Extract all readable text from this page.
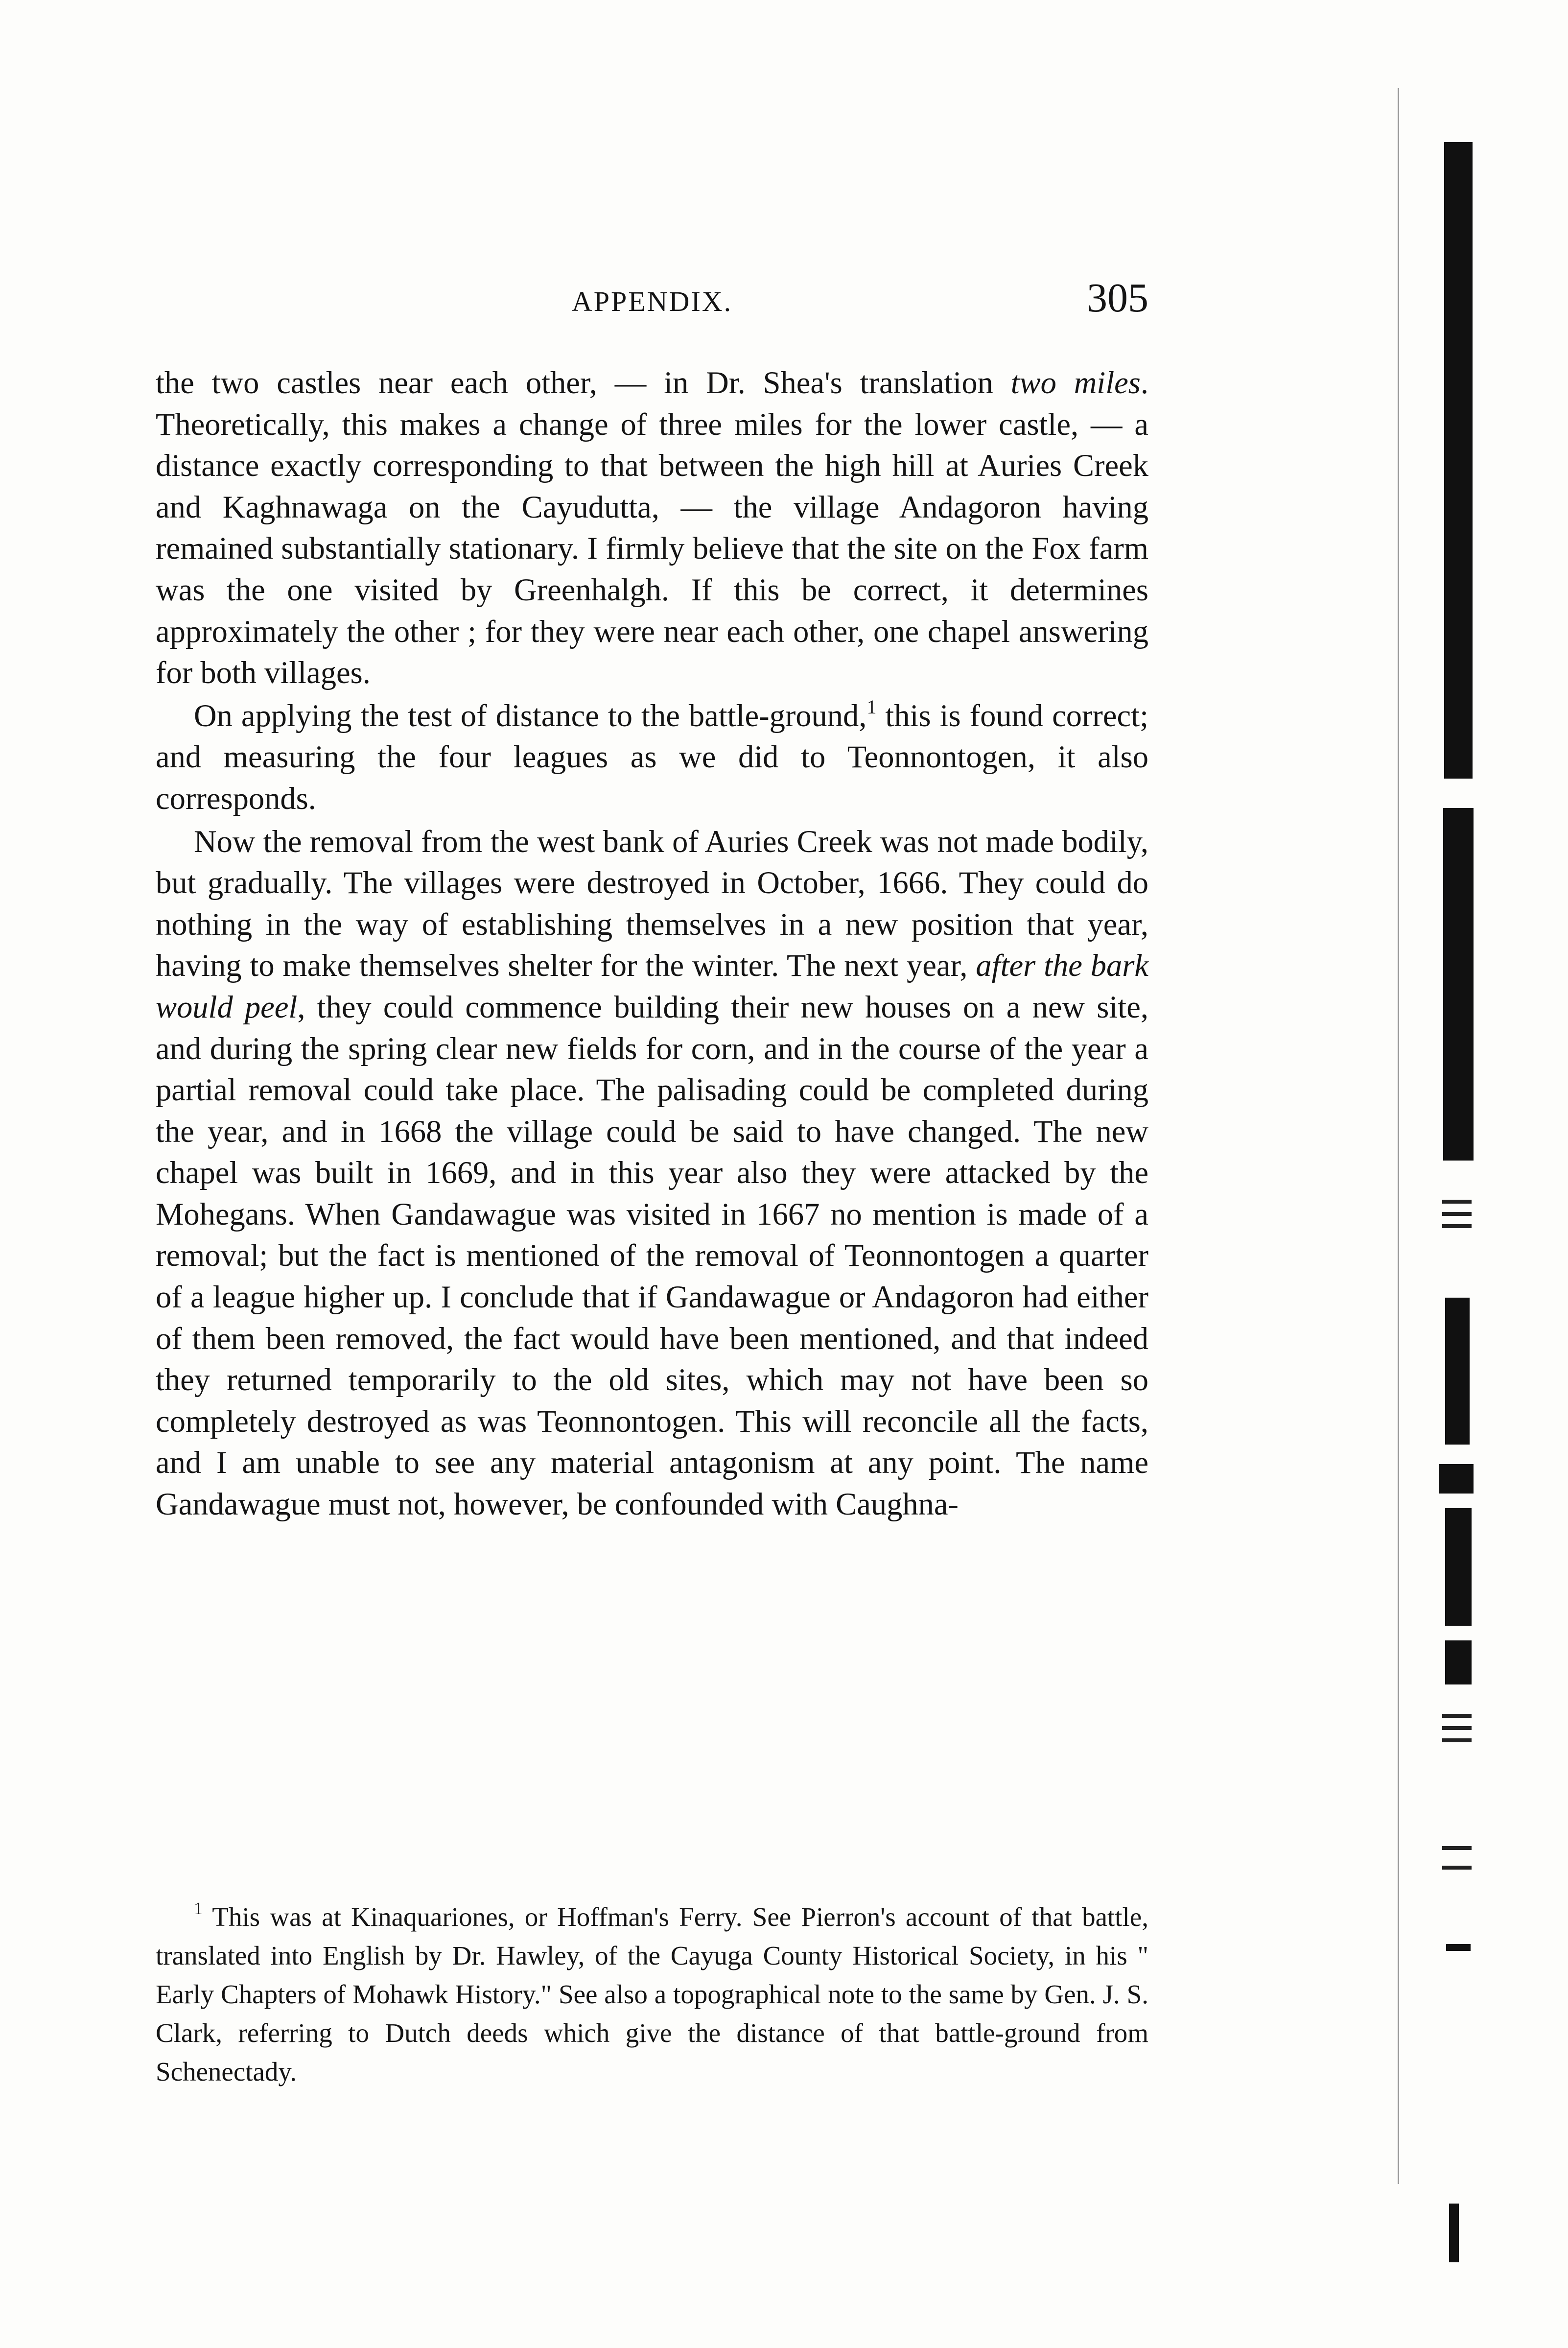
APPENDIX.	305

the two castles near each other, — in Dr. Shea's translation two miles. Theoretically, this makes a change of three miles for the lower castle, — a distance exactly corresponding to that between the high hill at Auries Creek and Kaghnawaga on the Cayudutta, — the village Andagoron having remained substantially stationary. I firmly believe that the site on the Fox farm was the one visited by Greenhalgh. If this be correct, it determines approximately the other ; for they were near each other, one chapel answering for both villages.

On applying the test of distance to the battle-ground,$^1$ this is found correct; and measuring the four leagues as we did to Teonnontogen, it also corresponds.

Now the removal from the west bank of Auries Creek was not made bodily, but gradually. The villages were destroyed in October, 1666. They could do nothing in the way of establishing themselves in a new position that year, having to make themselves shelter for the winter. The next year, after the bark would peel, they could commence building their new houses on a new site, and during the spring clear new fields for corn, and in the course of the year a partial removal could take place. The palisading could be completed during the year, and in 1668 the village could be said to have changed. The new chapel was built in 1669, and in this year also they were attacked by the Mohegans. When Gandawague was visited in 1667 no mention is made of a removal; but the fact is mentioned of the removal of Teonnontogen a quarter of a league higher up. I conclude that if Gandawague or Andagoron had either of them been removed, the fact would have been mentioned, and that indeed they returned temporarily to the old sites, which may not have been so completely destroyed as was Teonnontogen. This will reconcile all the facts, and I am unable to see any material antagonism at any point. The name Gandawague must not, however, be confounded with Caughna-

$^1$ This was at Kinaquariones, or Hoffman's Ferry. See Pierron's account of that battle, translated into English by Dr. Hawley, of the Cayuga County Historical Society, in his " Early Chapters of Mohawk History." See also a topographical note to the same by Gen. J. S. Clark, referring to Dutch deeds which give the distance of that battle-ground from Schenectady.
